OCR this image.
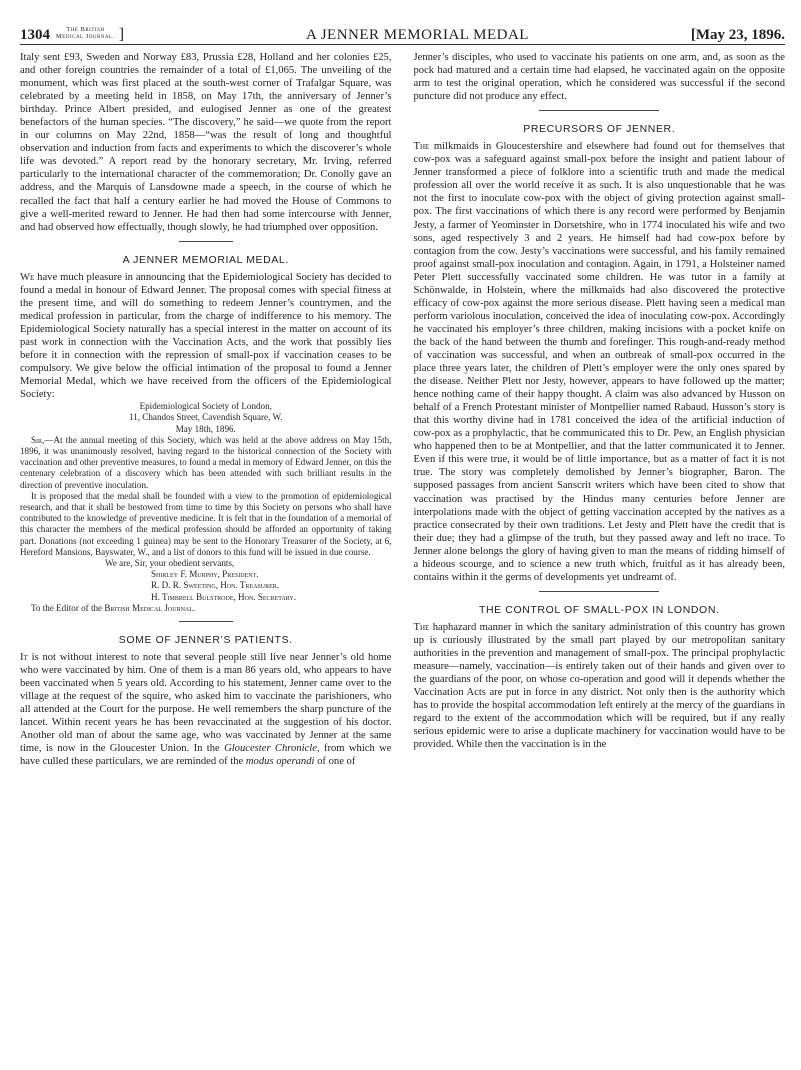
1304	The British
Medical Journal. ]	A JENNER MEMORIAL MEDAL	[May 23, 1896.

Italy sent £93, Sweden and Norway £83, Prussia £28, Holland and her colonies £25, and other foreign countries the remainder of a total of £1,065. The unveiling of the monument, which was first placed at the south-west corner of Trafalgar Square, was celebrated by a meeting held in 1858, on May 17th, the anniversary of Jenner’s birthday. Prince Albert presided, and eulogised Jenner as one of the greatest benefactors of the human species. “The discovery,” he said—we quote from the report in our columns on May 22nd, 1858—“was the result of long and thoughtful observation and induction from facts and experiments to which the discoverer’s whole life was devoted.” A report read by the honorary secretary, Mr. Irving, referred particularly to the international character of the commemoration; Dr. Conolly gave an address, and the Marquis of Lansdowne made a speech, in the course of which he recalled the fact that half a century earlier he had moved the House of Commons to give a well-merited reward to Jenner. He had then had some intercourse with Jenner, and had observed how effectually, though slowly, he had triumphed over opposition.

A JENNER MEMORIAL MEDAL.

We have much pleasure in announcing that the Epidemiological Society has decided to found a medal in honour of Edward Jenner. The proposal comes with special fitness at the present time, and will do something to redeem Jenner’s countrymen, and the medical profession in particular, from the charge of indifference to his memory. The Epidemiological Society naturally has a special interest in the matter on account of its past work in connection with the Vaccination Acts, and the work that possibly lies before it in connection with the repression of small-pox if vaccination ceases to be compulsory. We give below the official intimation of the proposal to found a Jenner Memorial Medal, which we have received from the officers of the Epidemiological Society:

Epidemiological Society of London,

11, Chandos Street, Cavendish Square, W.

May 18th, 1896.

Sir,—At the annual meeting of this Society, which was held at the above address on May 15th, 1896, it was unanimously resolved, having regard to the historical connection of the Society with vaccination and other preventive measures, to found a medal in memory of Edward Jenner, on this the centenary celebration of a discovery which has been attended with such brilliant results in the direction of preventive inoculation.

It is proposed that the medal shall be founded with a view to the promotion of epidemiological research, and that it shall be bestowed from time to time by this Society on persons who shall have contributed to the knowledge of preventive medicine. It is felt that in the foundation of a memorial of this character the members of the medical profession should be afforded an opportunity of taking part. Donations (not exceeding 1 guinea) may be sent to the Honorary Treasurer of the Society, at 6, Hereford Mansions, Bayswater, W., and a list of donors to this fund will be issued in due course.

We are, Sir, your obedient servants,

Shirley F. Murphy, President.

R. D. R. Sweeting, Hon. Treasurer.

H. Timbrell Bulstrode, Hon. Secretary.

To the Editor of the British Medical Journal.

SOME OF JENNER’S PATIENTS.

It is not without interest to note that several people still live near Jenner’s old home who were vaccinated by him. One of them is a man 86 years old, who appears to have been vaccinated when 5 years old. According to his statement, Jenner came over to the village at the request of the squire, who asked him to vaccinate the parishioners, who all attended at the Court for the purpose. He well remembers the sharp puncture of the lancet. Within recent years he has been revaccinated at the suggestion of his doctor. Another old man of about the same age, who was vaccinated by Jenner at the same time, is now in the Gloucester Union. In the Gloucester Chronicle, from which we have culled these particulars, we are reminded of the modus operandi of one of

Jenner’s disciples, who used to vaccinate his patients on one arm, and, as soon as the pock had matured and a certain time had elapsed, he vaccinated again on the opposite arm to test the original operation, which he considered was successful if the second puncture did not produce any effect.

PRECURSORS OF JENNER.

The milkmaids in Gloucestershire and elsewhere had found out for themselves that cow-pox was a safeguard against small-pox before the insight and patient labour of Jenner transformed a piece of folklore into a scientific truth and made the medical profession all over the world receive it as such. It is also unquestionable that he was not the first to inoculate cow-pox with the object of giving protection against small-pox. The first vaccinations of which there is any record were performed by Benjamin Jesty, a farmer of Yeominster in Dorsetshire, who in 1774 inoculated his wife and two sons, aged respectively 3 and 2 years. He himself had had cow-pox before by contagion from the cow. Jesty’s vaccinations were successful, and his family remained proof against small-pox inoculation and contagion. Again, in 1791, a Holsteiner named Peter Plett successfully vaccinated some children. He was tutor in a family at Schönwalde, in Holstein, where the milkmaids had also discovered the protective efficacy of cow-pox against the more serious disease. Plett having seen a medical man perform variolous inoculation, conceived the idea of inoculating cow-pox. Accordingly he vaccinated his employer’s three children, making incisions with a pocket knife on the back of the hand between the thumb and forefinger. This rough-and-ready method of vaccination was successful, and when an outbreak of small-pox occurred in the place three years later, the children of Plett’s employer were the only ones spared by the disease. Neither Plett nor Jesty, however, appears to have followed up the matter; hence nothing came of their happy thought. A claim was also advanced by Husson on behalf of a French Protestant minister of Montpellier named Rabaud. Husson’s story is that this worthy divine had in 1781 conceived the idea of the artificial induction of cow-pox as a prophylactic, that he communicated this to Dr. Pew, an English physician who happened then to be at Montpellier, and that the latter communicated it to Jenner. Even if this were true, it would be of little importance, but as a matter of fact it is not true. The story was completely demolished by Jenner’s biographer, Baron. The supposed passages from ancient Sanscrit writers which have been cited to show that vaccination was practised by the Hindus many centuries before Jenner are interpolations made with the object of getting vaccination accepted by the natives as a practice consecrated by their own traditions. Let Jesty and Plett have the credit that is their due; they had a glimpse of the truth, but they passed away and left no trace. To Jenner alone belongs the glory of having given to man the means of ridding himself of a hideous scourge, and to science a new truth which, fruitful as it has already been, contains within it the germs of developments yet undreamt of.

THE CONTROL OF SMALL-POX IN LONDON.

The haphazard manner in which the sanitary administration of this country has grown up is curiously illustrated by the small part played by our metropolitan sanitary authorities in the prevention and management of small-pox. The principal prophylactic measure—namely, vaccination—is entirely taken out of their hands and given over to the guardians of the poor, on whose co-operation and good will it depends whether the Vaccination Acts are put in force in any district. Not only then is the authority which has to provide the hospital accommodation left entirely at the mercy of the guardians in regard to the extent of the accommodation which will be required, but if any really serious epidemic were to arise a duplicate machinery for vaccination would have to be provided. While then the vaccination is in the
